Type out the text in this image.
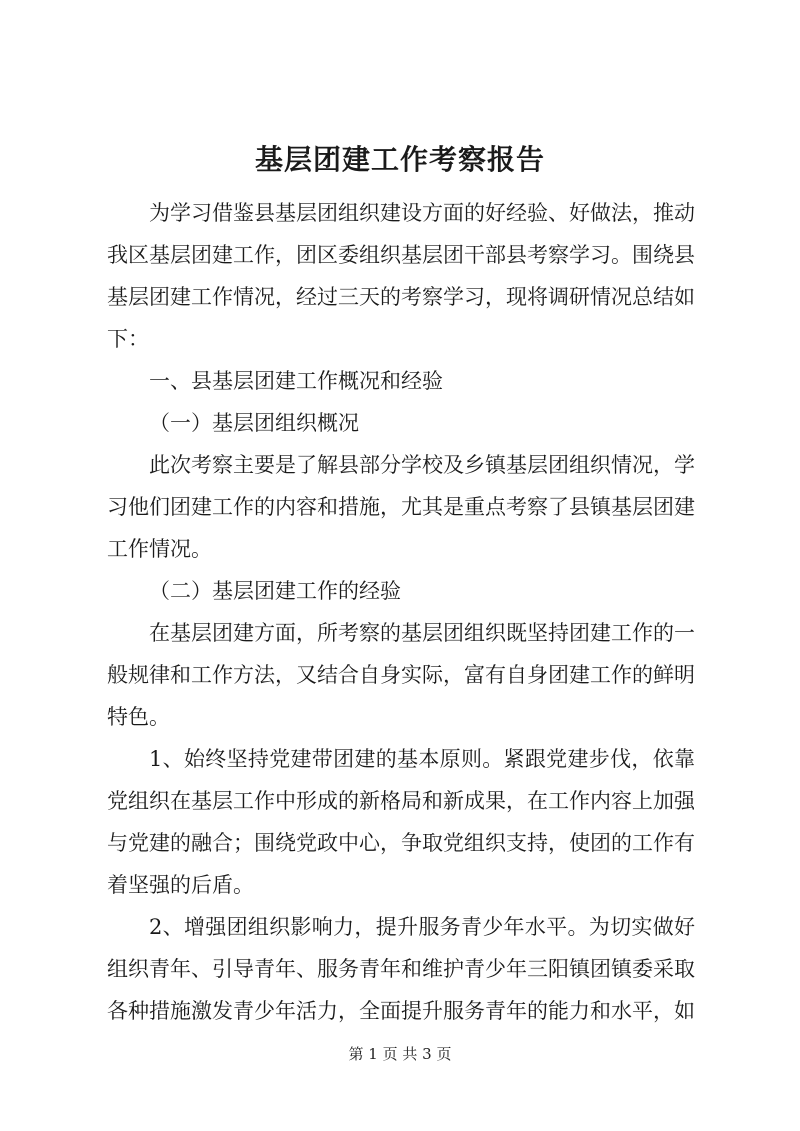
基层团建工作考察报告

为学习借鉴县基层团组织建设方面的好经验、好做法，推动我区基层团建工作，团区委组织基层团干部县考察学习。围绕县基层团建工作情况，经过三天的考察学习，现将调研情况总结如下：

一、县基层团建工作概况和经验

（一）基层团组织概况

此次考察主要是了解县部分学校及乡镇基层团组织情况，学习他们团建工作的内容和措施，尤其是重点考察了县镇基层团建工作情况。

（二）基层团建工作的经验

在基层团建方面，所考察的基层团组织既坚持团建工作的一般规律和工作方法，又结合自身实际，富有自身团建工作的鲜明特色。

1、始终坚持党建带团建的基本原则。紧跟党建步伐，依靠党组织在基层工作中形成的新格局和新成果，在工作内容上加强与党建的融合；围绕党政中心，争取党组织支持，使团的工作有着坚强的后盾。

2、增强团组织影响力，提升服务青少年水平。为切实做好组织青年、引导青年、服务青年和维护青少年三阳镇团镇委采取各种措施激发青少年活力，全面提升服务青年的能力和水平，如

第 1 页 共 3 页
